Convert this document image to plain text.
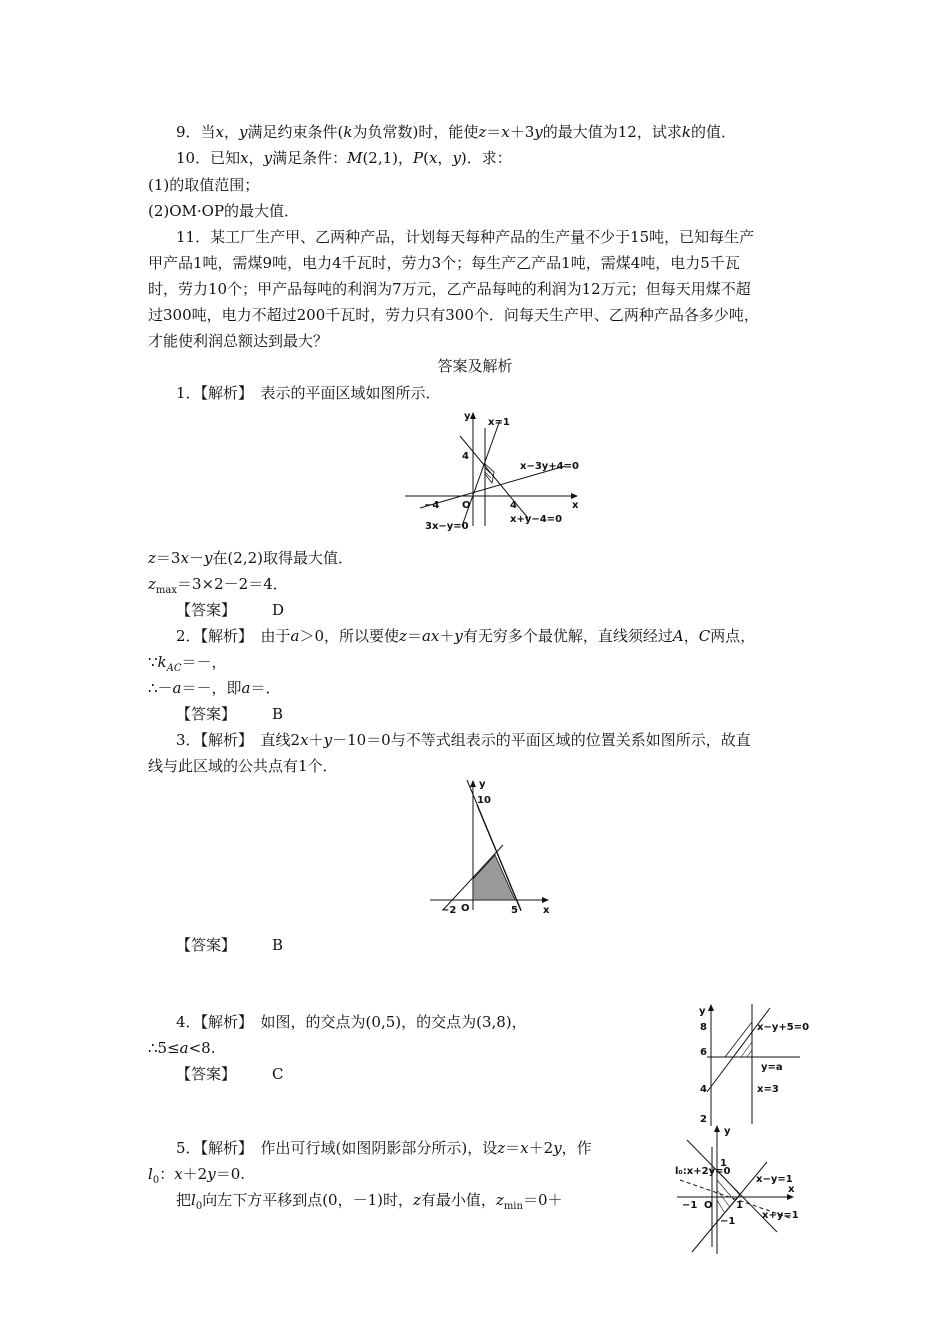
9．当x，y满足约束条件(k为负常数)时，能使z＝x＋3y的最大值为12，试求k的值．
10．已知x，y满足条件：M(2,1)，P(x，y)．求：
(1)的取值范围；
(2)OM·OP的最大值．
11．某工厂生产甲、乙两种产品，计划每天每种产品的生产量不少于15吨，已知每生产
甲产品1吨，需煤9吨，电力4千瓦时，劳力3个；每生产乙产品1吨，需煤4吨，电力5千瓦
时，劳力10个；甲产品每吨的利润为7万元，乙产品每吨的利润为12万元；但每天用煤不超
过300吨，电力不超过200千瓦时，劳力只有300个．问每天生产甲、乙两种产品各多少吨，
才能使利润总额达到最大？
答案及解析
1．【解析】　表示的平面区域如图所示．
y
x
O
x=1
x−3y+4=0
x+y−4=0
3x−y=0
4
−4	4
z＝3x－y在(2,2)取得最大值．
$z_{max}=3\times 2-2=4$．
【答案】 D
2．【解析】　由于a＞0，所以要使z＝ax＋y有无穷多个最优解，直线须经过A，C两点，
$\because k_{AC}=-$，
∴－a＝－，即a＝．
【答案】 B
3．【解析】　直线2x＋y－10＝0与不等式组表示的平面区域的位置关系如图所示，故直
线与此区域的公共点有1个．
y
10
x
O
−2	5
【答案】 B
4．【解析】　如图，的交点为(0,5)，的交点为(3,8)，
∴5≤a<8.
【答案】 C
y
8
6
4
2
x−y+5=0
y=a
x=3
5．【解析】　作出可行域(如图阴影部分所示)，设z＝x＋2y，作
$l_0$：x＋2y＝0.
把$l_0$向左下方平移到点(0，－1)时，z有最小值，$z_{min}=0+$
y
x
O
l₀:x+2y=0
x−y=1
x+y=1
1
−1	1
−1
